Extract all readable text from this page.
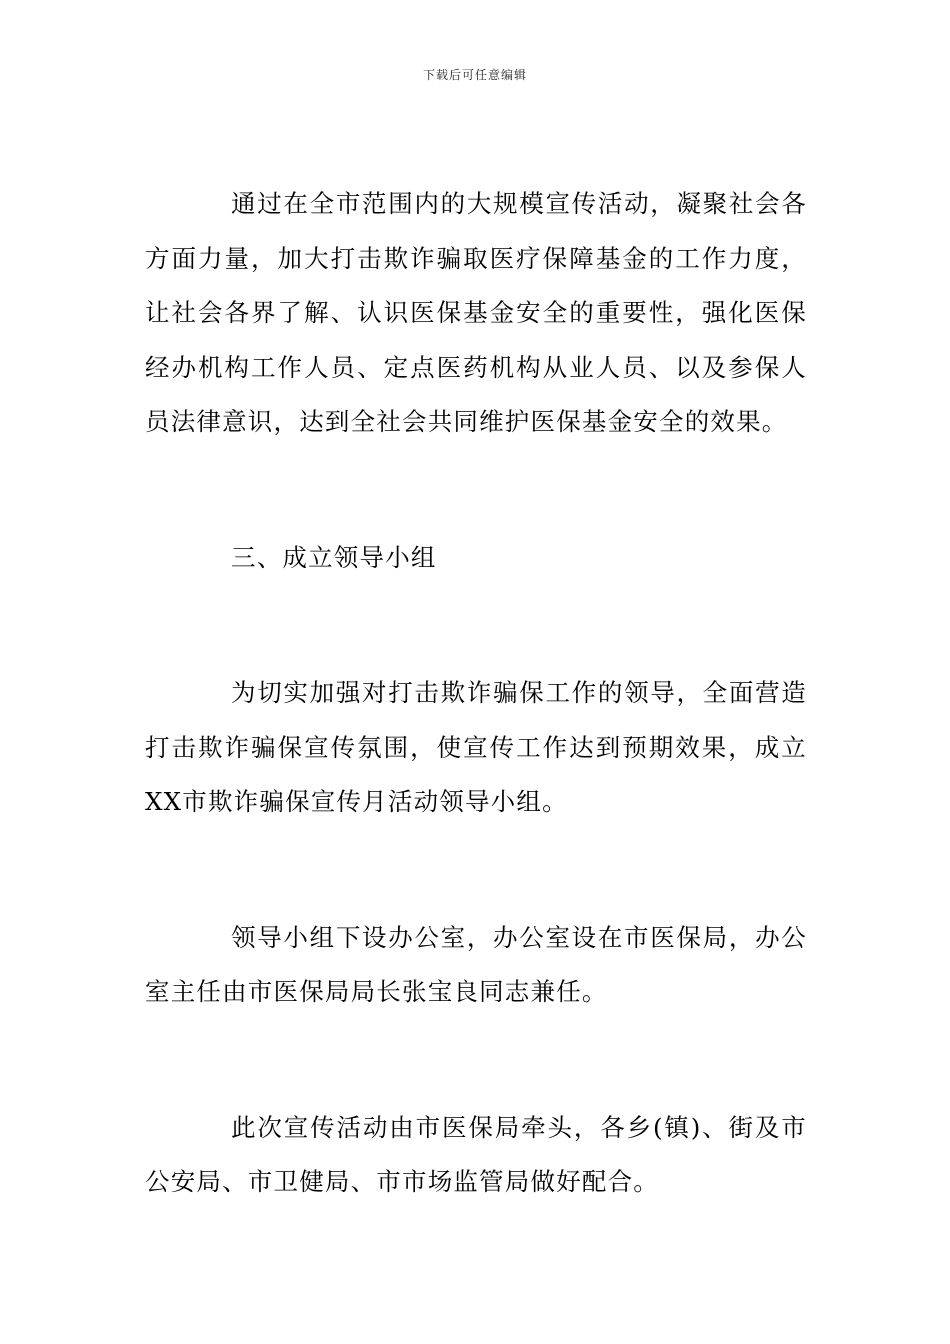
下载后可任意编辑

通过在全市范围内的大规模宣传活动，凝聚社会各方面力量，加大打击欺诈骗取医疗保障基金的工作力度，让社会各界了解、认识医保基金安全的重要性，强化医保经办机构工作人员、定点医药机构从业人员、以及参保人员法律意识，达到全社会共同维护医保基金安全的效果。

三、成立领导小组

为切实加强对打击欺诈骗保工作的领导，全面营造打击欺诈骗保宣传氛围，使宣传工作达到预期效果，成立XX市欺诈骗保宣传月活动领导小组。

领导小组下设办公室，办公室设在市医保局，办公室主任由市医保局局长张宝良同志兼任。

此次宣传活动由市医保局牵头，各乡(镇)、街及市公安局、市卫健局、市市场监管局做好配合。
